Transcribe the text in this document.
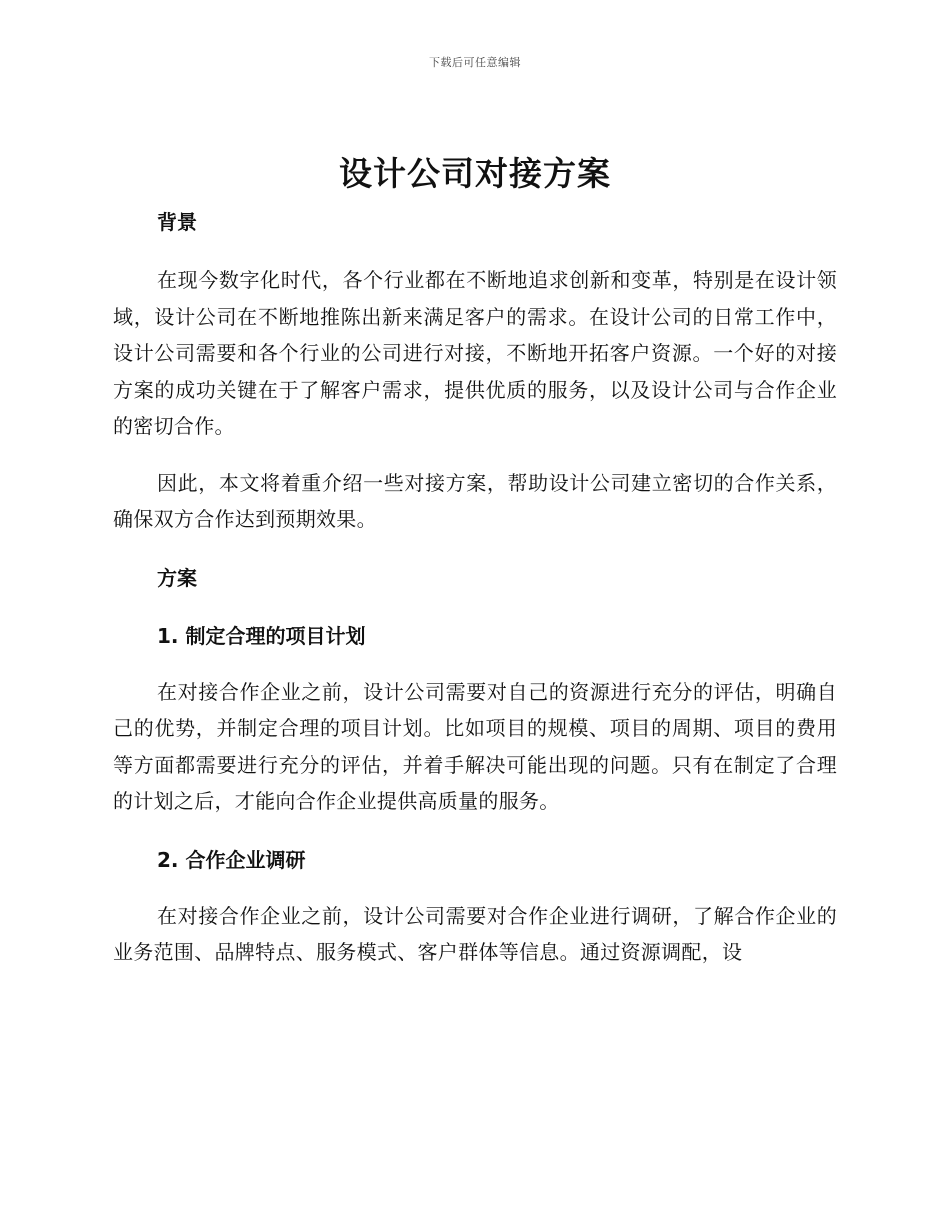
下载后可任意编辑
设计公司对接方案

背景

在现今数字化时代，各个行业都在不断地追求创新和变革，特别是在设计领域，设计公司在不断地推陈出新来满足客户的需求。在设计公司的日常工作中，设计公司需要和各个行业的公司进行对接，不断地开拓客户资源。一个好的对接方案的成功关键在于了解客户需求，提供优质的服务，以及设计公司与合作企业的密切合作。

因此，本文将着重介绍一些对接方案，帮助设计公司建立密切的合作关系，确保双方合作达到预期效果。

方案

1. 制定合理的项目计划

在对接合作企业之前，设计公司需要对自己的资源进行充分的评估，明确自己的优势，并制定合理的项目计划。比如项目的规模、项目的周期、项目的费用等方面都需要进行充分的评估，并着手解决可能出现的问题。只有在制定了合理的计划之后，才能向合作企业提供高质量的服务。

2. 合作企业调研

在对接合作企业之前，设计公司需要对合作企业进行调研，了解合作企业的业务范围、品牌特点、服务模式、客户群体等信息。通过资源调配，设
